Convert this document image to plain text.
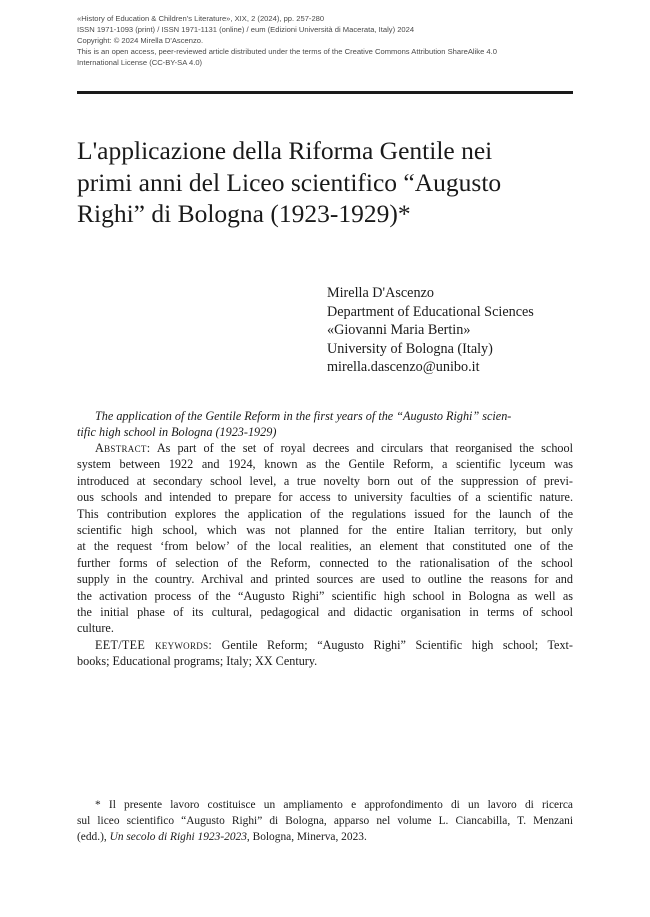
«History of Education & Children's Literature», XIX, 2 (2024), pp. 257-280
ISSN 1971-1093 (print) / ISSN 1971-1131 (online) / eum (Edizioni Università di Macerata, Italy) 2024
Copyright: © 2024 Mirella D'Ascenzo.
This is an open access, peer-reviewed article distributed under the terms of the Creative Commons Attribution ShareAlike 4.0
International License (CC-BY-SA 4.0)
L'applicazione della Riforma Gentile nei
primi anni del Liceo scientifico “Augusto
Righi” di Bologna (1923-1929)*
Mirella D'Ascenzo
Department of Educational Sciences
«Giovanni Maria Bertin»
University of Bologna (Italy)
mirella.dascenzo@unibo.it
The application of the Gentile Reform in the first years of the “Augusto Righi” scien-
tific high school in Bologna (1923-1929)
Abstract: As part of the set of royal decrees and circulars that reorganised the school
system between 1922 and 1924, known as the Gentile Reform, a scientific lyceum was
introduced at secondary school level, a true novelty born out of the suppression of previ-
ous schools and intended to prepare for access to university faculties of a scientific nature.
This contribution explores the application of the regulations issued for the launch of the
scientific high school, which was not planned for the entire Italian territory, but only
at the request ‘from below’ of the local realities, an element that constituted one of the
further forms of selection of the Reform, connected to the rationalisation of the school
supply in the country. Archival and printed sources are used to outline the reasons for and
the activation process of the “Augusto Righi” scientific high school in Bologna as well as
the initial phase of its cultural, pedagogical and didactic organisation in terms of school
culture.
EET/TEE keywords: Gentile Reform; “Augusto Righi” Scientific high school; Text-
books; Educational programs; Italy; XX Century.
* Il presente lavoro costituisce un ampliamento e approfondimento di un lavoro di ricerca
sul liceo scientifico “Augusto Righi” di Bologna, apparso nel volume L. Ciancabilla, T. Menzani
(edd.), Un secolo di Righi 1923-2023, Bologna, Minerva, 2023.
